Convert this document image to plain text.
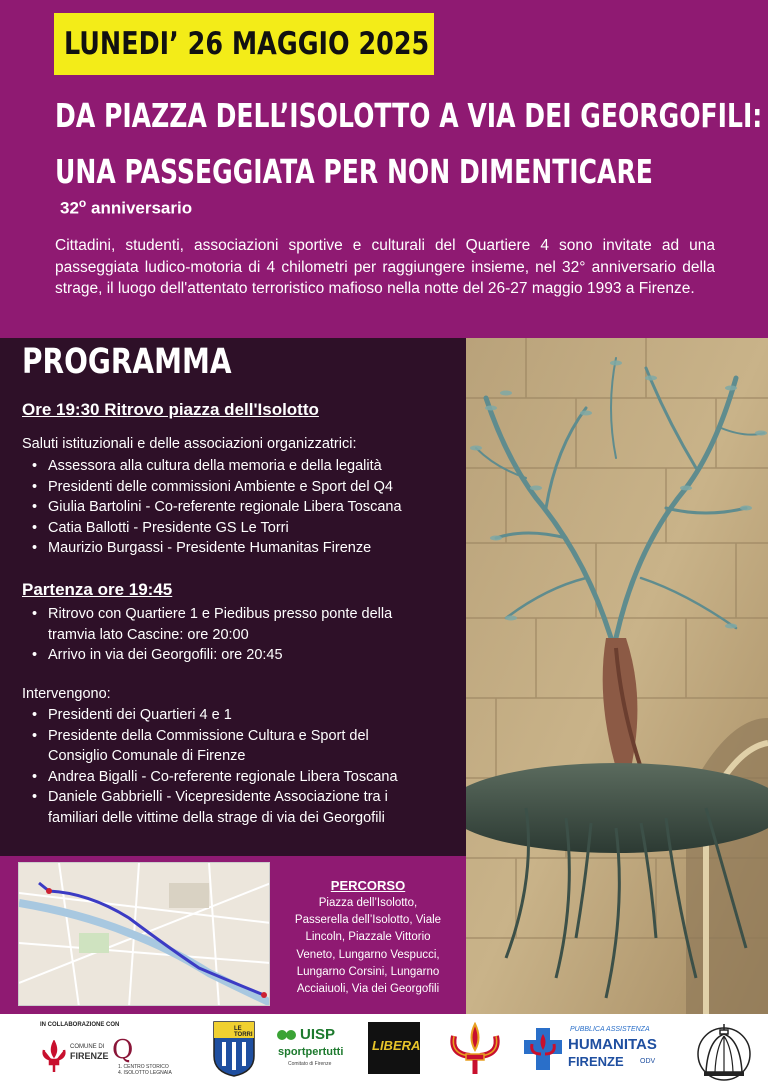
LUNEDI’ 26 MAGGIO 2025
DA PIAZZA DELL’ISOLOTTO A VIA DEI GEORGOFILI:
UNA PASSEGGIATA PER NON DIMENTICARE
32$^o$ anniversario
Cittadini, studenti, associazioni sportive e culturali del Quartiere 4 sono invitate ad una passeggiata ludico-motoria di 4 chilometri per raggiungere insieme, nel 32° anniversario della strage, il luogo dell'attentato terroristico mafioso nella notte del 26-27 maggio 1993 a Firenze.
PROGRAMMA
Ore 19:30 Ritrovo piazza dell'Isolotto
Saluti istituzionali e delle associazioni organizzatrici:
• Assessora alla cultura della memoria e della legalità
• Presidenti delle commissioni Ambiente e Sport del Q4
• Giulia Bartolini - Co-referente regionale Libera Toscana
• Catia Ballotti - Presidente GS Le Torri
• Maurizio Burgassi - Presidente Humanitas Firenze
Partenza ore 19:45
• Ritrovo con Quartiere 1 e Piedibus presso ponte della
tramvia lato Cascine: ore 20:00
• Arrivo in via dei Georgofili: ore 20:45
Intervengono:
• Presidenti dei Quartieri 4 e 1
• Presidente della Commissione Cultura e Sport del
Consiglio Comunale di Firenze
• Andrea Bigalli - Co-referente regionale Libera Toscana
• Daniele Gabbrielli - Vicepresidente Associazione tra i
familiari delle vittime della strage di via dei Georgofili
PERCORSO
Piazza dell’Isolotto,
Passerella dell’Isolotto, Viale
Lincoln, Piazzale Vittorio
Veneto, Lungarno Vespucci,
Lungarno Corsini, Lungarno
Acciaiuoli, Via dei Georgofili
IN COLLABORAZIONE CON
COMUNE DI
FIRENZE Q
1. CENTRO STORICO
4. ISOLOTTO LEGNAIA
LE TORRI	UISP
sportpertutti
Comitato di Firenze
LIBERA
PUBBLICA ASSISTENZA
HUMANITAS
FIRENZE ODV
